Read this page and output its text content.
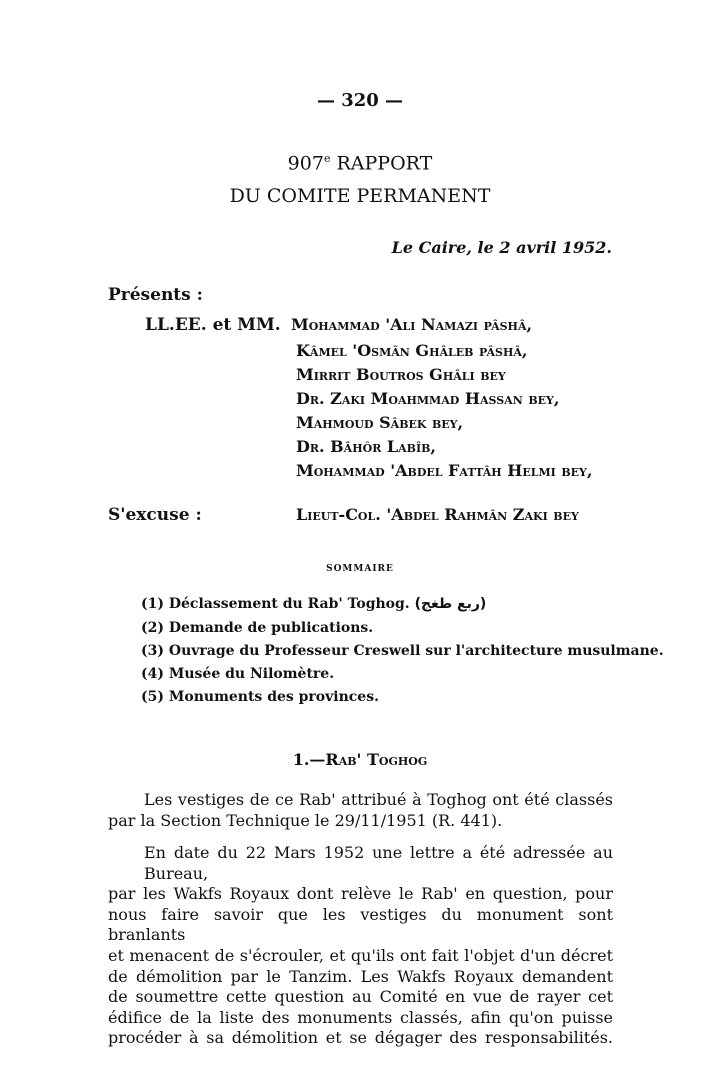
— 320 —
907e RAPPORT
DU COMITE PERMANENT
Le Caire, le 2 avril 1952.
Présents :
LL.EE. et MM. Mohammad 'Ali Namazi pâshâ,
Kâmel 'Osmân Ghâleb pâshâ,
Mirrit Boutros Ghâli bey
Dr. Zaki Moahmmad Hassan bey,
Mahmoud Sâbek bey,
Dr. Bâhôr Labîb,
Mohammad 'Abdel Fattâh Helmi bey,
S'excuse :	Lieut-Col. 'Abdel Rahmân Zaki bey
SOMMAIRE
(1) Déclassement du Rab' Toghog. (ربع طغج)
(2) Demande de publications.
(3) Ouvrage du Professeur Creswell sur l'architecture musulmane.
(4) Musée du Nilomètre.
(5) Monuments des provinces.
1.—Rab' Toghog
Les vestiges de ce Rab' attribué à Toghog ont été classés
par la Section Technique le 29/11/1951 (R. 441).
En date du 22 Mars 1952 une lettre a été adressée au Bureau,
par les Wakfs Royaux dont relève le Rab' en question, pour
nous faire savoir que les vestiges du monument sont branlants
et menacent de s'écrouler, et qu'ils ont fait l'objet d'un décret
de démolition par le Tanzim. Les Wakfs Royaux demandent
de soumettre cette question au Comité en vue de rayer cet
édifice de la liste des monuments classés, afin qu'on puisse
procéder à sa démolition et se dégager des responsabilités.
